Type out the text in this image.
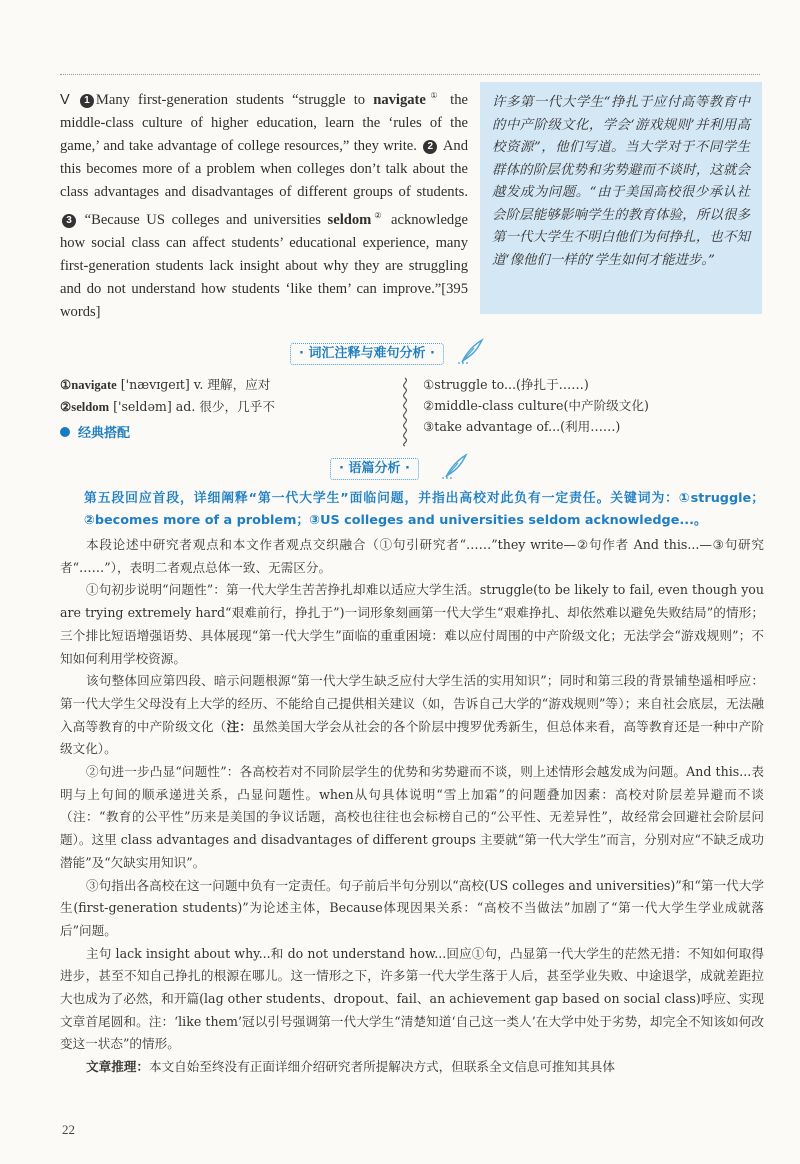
V 1 Many first-generation students “struggle to navigate① the middle-class culture of higher education, learn the ‘rules of the game,’ and take advantage of college resources,” they write. 2 And this becomes more of a problem when colleges don’t talk about the class advantages and disadvantages of different groups of students. 3 “Because US colleges and universities seldom② acknowledge how social class can affect students’ educational experience, many first-generation students lack insight about why they are struggling and do not understand how students ‘like them’ can improve.”[395 words]
许多第一代大学生“挣扎于应付高等教育中的中产阶级文化，学会‘游戏规则’并利用高校资源”，他们写道。当大学对于不同学生群体的阶层优势和劣势避而不谈时，这就会越发成为问题。“由于美国高校很少承认社会阶层能够影响学生的教育体验，所以很多第一代大学生不明白他们为何挣扎，也不知道‘像他们一样的’学生如何才能进步。”
· 词汇注释与难句分析 ·
①navigate ['nævɪɡeɪt] v. 理解，应对
②seldom ['seldəm] ad. 很少，几乎不
①struggle to...(挣扎于……)
②middle-class culture(中产阶级文化)
③take advantage of...(利用……)
经典搭配
· 语篇分析 ·
第五段回应首段，详细阐释“第一代大学生”面临问题，并指出高校对此负有一定责任。关键词为：①struggle；②becomes more of a problem；③US colleges and universities seldom acknowledge...。

本段论述中研究者观点和本文作者观点交织融合（①句引研究者“……”they write—②句作者 And this...—③句研究者“……”），表明二者观点总体一致、无需区分。

①句初步说明“问题性”：第一代大学生苦苦挣扎却难以适应大学生活。struggle(to be likely to fail, even though you are trying extremely hard“艰难前行，挣扎于”)一词形象刻画第一代大学生“艰难挣扎、却依然难以避免失败结局”的情形；三个排比短语增强语势、具体展现“第一代大学生”面临的重重困境：难以应付周围的中产阶级文化；无法学会“游戏规则”；不知如何利用学校资源。

该句整体回应第四段、暗示问题根源“第一代大学生缺乏应付大学生活的实用知识”；同时和第三段的背景铺垫遥相呼应：第一代大学生父母没有上大学的经历、不能给自己提供相关建议（如，告诉自己大学的“游戏规则”等）；来自社会底层，无法融入高等教育的中产阶级文化（注：虽然美国大学会从社会的各个阶层中搜罗优秀新生，但总体来看，高等教育还是一种中产阶级文化）。

②句进一步凸显“问题性”：各高校若对不同阶层学生的优势和劣势避而不谈，则上述情形会越发成为问题。And this...表明与上句间的顺承递进关系，凸显问题性。when从句具体说明“雪上加霜”的问题叠加因素：高校对阶层差异避而不谈（注：“教育的公平性”历来是美国的争议话题，高校也往往也会标榜自己的“公平性、无差异性”，故经常会回避社会阶层问题）。这里 class advantages and disadvantages of different groups 主要就“第一代大学生”而言，分别对应“不缺乏成功潜能”及“欠缺实用知识”。

③句指出各高校在这一问题中负有一定责任。句子前后半句分别以“高校(US colleges and universities)”和“第一代大学生(first-generation students)”为论述主体，Because体现因果关系：“高校不当做法”加剧了“第一代大学生学业成就落后”问题。

主句 lack insight about why...和 do not understand how...回应①句，凸显第一代大学生的茫然无措：不知如何取得进步，甚至不知自己挣扎的根源在哪儿。这一情形之下，许多第一代大学生落于人后，甚至学业失败、中途退学，成就差距拉大也成为了必然，和开篇(lag other students、dropout、fail、an achievement gap based on social class)呼应、实现文章首尾圆和。注：‘like them’冠以引号强调第一代大学生“清楚知道‘自己这一类人’在大学中处于劣势，却完全不知该如何改变这一状态”的情形。

文章推理：本文自始至终没有正面详细介绍研究者所提解决方式，但联系全文信息可推知其具体

22
